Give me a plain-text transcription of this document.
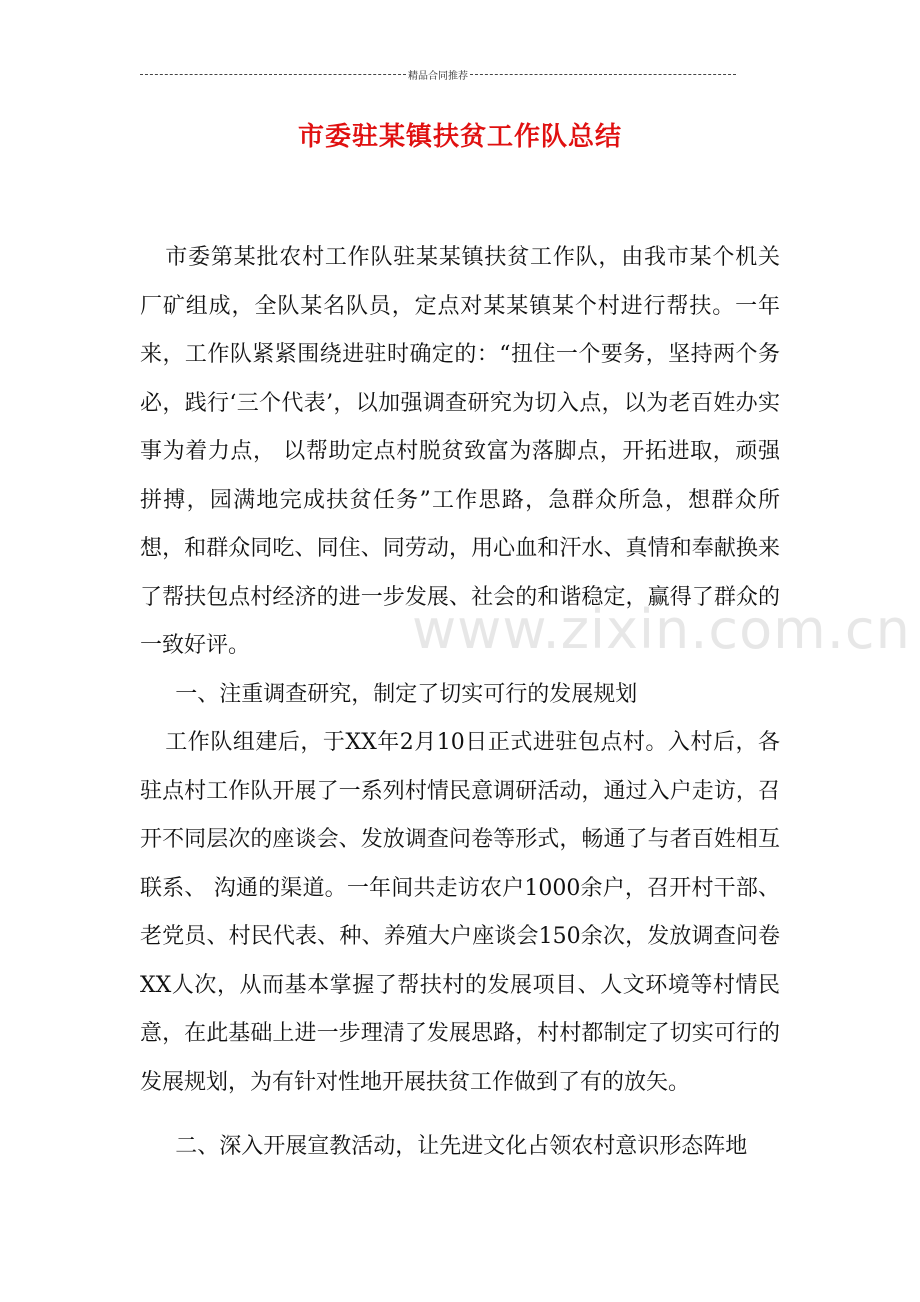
精品合同推荐
市委驻某镇扶贫工作队总结

市委第某批农村工作队驻某某镇扶贫工作队，由我市某个机关厂矿组成，全队某名队员，定点对某某镇某个村进行帮扶。一年来，工作队紧紧围绕进驻时确定的：“扭住一个要务，坚持两个务必，践行‘三个代表’，以加强调查研究为切入点，以为老百姓办实事为着力点， 以帮助定点村脱贫致富为落脚点，开拓进取，顽强拼搏，园满地完成扶贫任务”工作思路，急群众所急，想群众所想，和群众同吃、同住、同劳动，用心血和汗水、真情和奉献换来了帮扶包点村经济的进一步发展、社会的和谐稳定，赢得了群众的一致好评。

一、注重调查研究，制定了切实可行的发展规划

工作队组建后，于XX年2月10日正式进驻包点村。入村后，各驻点村工作队开展了一系列村情民意调研活动，通过入户走访，召开不同层次的座谈会、发放调查问卷等形式，畅通了与者百姓相互联系、 沟通的渠道。一年间共走访农户1000余户，召开村干部、老党员、村民代表、种、养殖大户座谈会150余次，发放调查问卷XX人次，从而基本掌握了帮扶村的发展项目、人文环境等村情民意，在此基础上进一步理清了发展思路，村村都制定了切实可行的发展规划，为有针对性地开展扶贫工作做到了有的放矢。

二、深入开展宣教活动，让先进文化占领农村意识形态阵地

www.zixin.com.cn
